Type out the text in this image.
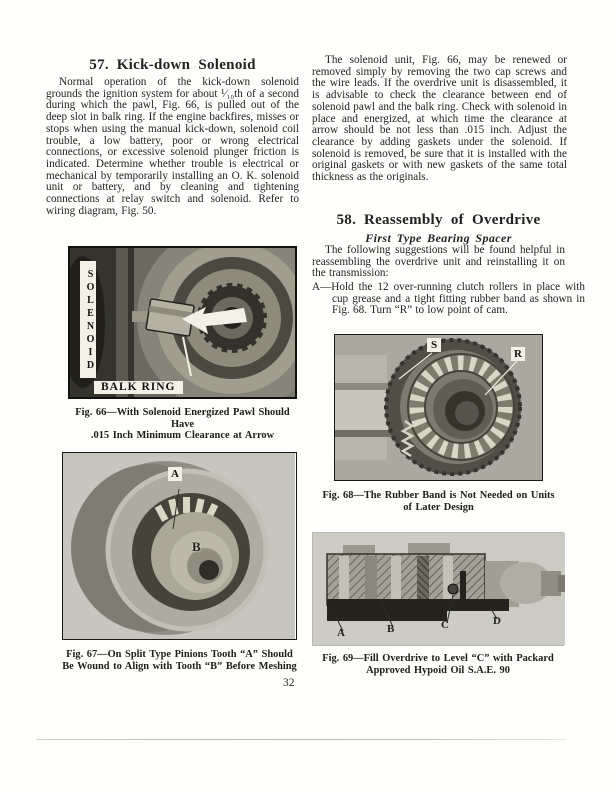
57. Kick-down Solenoid

Normal operation of the kick-down solenoid grounds the ignition system for about ¹⁄₁₀th of a second during which the pawl, Fig. 66, is pulled out of the deep slot in balk ring. If the engine backfires, misses or stops when using the manual kick-down, solenoid coil trouble, a low battery, poor or wrong electrical connections, or excessive solenoid plunger friction is indicated. Determine whether trouble is electrical or mechanical by temporarily installing an O. K. solenoid unit or battery, and by cleaning and tightening connections at relay switch and solenoid. Refer to wiring diagram, Fig. 50.

SOLENOID
BALK RING
Fig. 66—With Solenoid Energized Pawl Should Have
.015 Inch Minimum Clearance at Arrow
A
B
Fig. 67—On Split Type Pinions Tooth “A” Should
Be Wound to Align with Tooth “B” Before Meshing

The solenoid unit, Fig. 66, may be renewed or removed simply by removing the two cap screws and the wire leads. If the overdrive unit is disassembled, it is advisable to check the clearance between end of solenoid pawl and the balk ring. Check with solenoid in place and energized, at which time the clearance at arrow should be not less than .015 inch. Adjust the clearance by adding gaskets under the solenoid. If solenoid is removed, be sure that it is installed with the original gaskets or with new gaskets of the same total thickness as the originals.

58. Reassembly of Overdrive
First Type Bearing Spacer

The following suggestions will be found helpful in reassembling the overdrive unit and reinstalling it on the transmission:

A—Hold the 12 over-running clutch rollers in place with cup grease and a tight fitting rubber band as shown in Fig. 68. Turn “R” to low point of cam.

S
R
Fig. 68—The Rubber Band is Not Needed on Units
of Later Design
A	B	C	D
Fig. 69—Fill Overdrive to Level “C” with Packard
Approved Hypoid Oil S.A.E. 90
32
